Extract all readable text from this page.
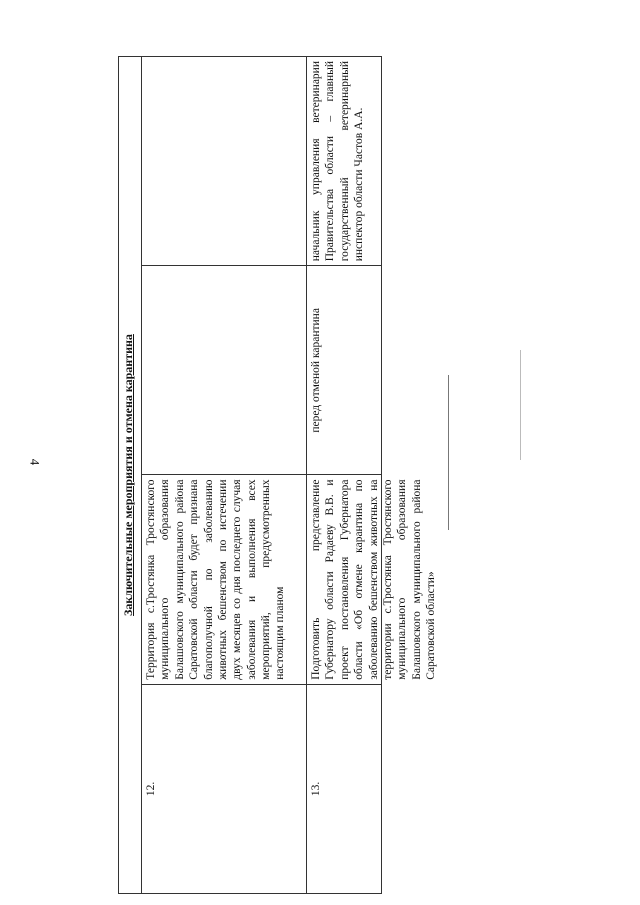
4	Заключительные мероприятия и отмена карантина			
12.	Территория с.Тростянка Тростянского муниципального образования Балашовского муниципального района Саратовской области будет признана благополучной по заболеванию животных бешенством по истечении двух месяцев со дня последнего случая заболевания и выполнения всех мероприятий, предусмотренных настоящим планом		

13.	Подготовить представление Губернатору области Радаеву В.В. и проект постановления Губернатора области «Об отмене карантина по заболеванию бешенством животных на территории с.Тростянка Тростянского муниципального образования Балашовского муниципального района Саратовской области»	перед отменой карантина	начальник управления ветеринарии Правительства области – главный государственный ветеринарный инспектор области Частов А.А.
